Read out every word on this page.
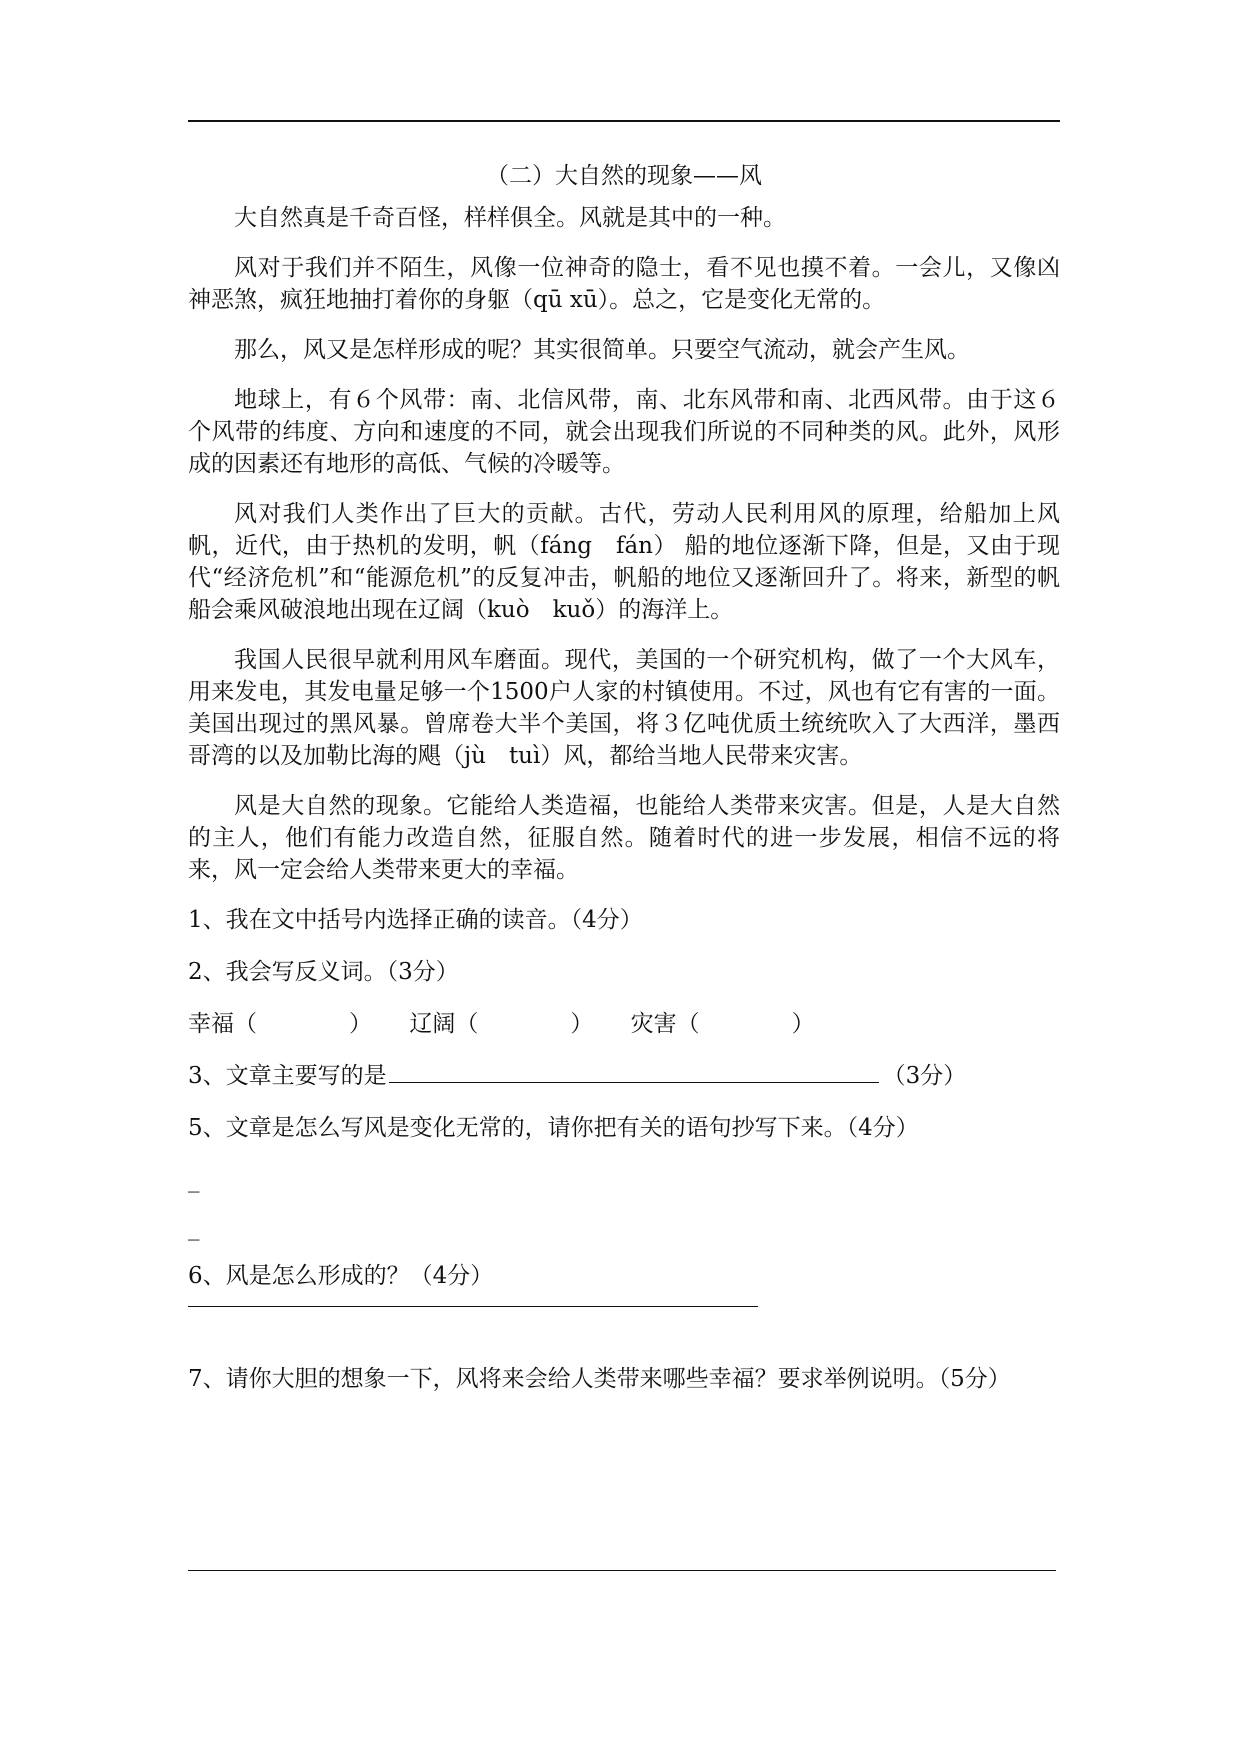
（二）大自然的现象——风

大自然真是千奇百怪，样样俱全。风就是其中的一种。

风对于我们并不陌生，风像一位神奇的隐士，看不见也摸不着。一会儿，又像凶神恶煞，疯狂地抽打着你的身躯（qū xū）。总之，它是变化无常的。

那么，风又是怎样形成的呢？其实很简单。只要空气流动，就会产生风。

地球上，有６个风带：南、北信风带，南、北东风带和南、北西风带。由于这６个风带的纬度、方向和速度的不同，就会出现我们所说的不同种类的风。此外，风形成的因素还有地形的高低、气候的冷暖等。

风对我们人类作出了巨大的贡献。古代，劳动人民利用风的原理，给船加上风帆，近代，由于热机的发明，帆（fáng　fán） 船的地位逐渐下降，但是，又由于现代“经济危机”和“能源危机”的反复冲击，帆船的地位又逐渐回升了。将来，新型的帆船会乘风破浪地出现在辽阔（kuò　kuǒ）的海洋上。

我国人民很早就利用风车磨面。现代，美国的一个研究机构，做了一个大风车，用来发电，其发电量足够一个1500户人家的村镇使用。不过，风也有它有害的一面。美国出现过的黑风暴。曾席卷大半个美国，将３亿吨优质土统统吹入了大西洋，墨西哥湾的以及加勒比海的飓（jù　tuì）风，都给当地人民带来灾害。

风是大自然的现象。它能给人类造福，也能给人类带来灾害。但是，人是大自然的主人，他们有能力改造自然，征服自然。随着时代的进一步发展，相信不远的将来，风一定会给人类带来更大的幸福。

1、我在文中括号内选择正确的读音。（4分）
2、我会写反义词。（3分）
幸福（	） 辽阔（	） 灾害（	）
3、文章主要写的是	（3分）
5、文章是怎么写风是变化无常的，请你把有关的语句抄写下来。（4分）
_
_
6、风是怎么形成的？（4分）
7、请你大胆的想象一下，风将来会给人类带来哪些幸福？要求举例说明。（5分）
